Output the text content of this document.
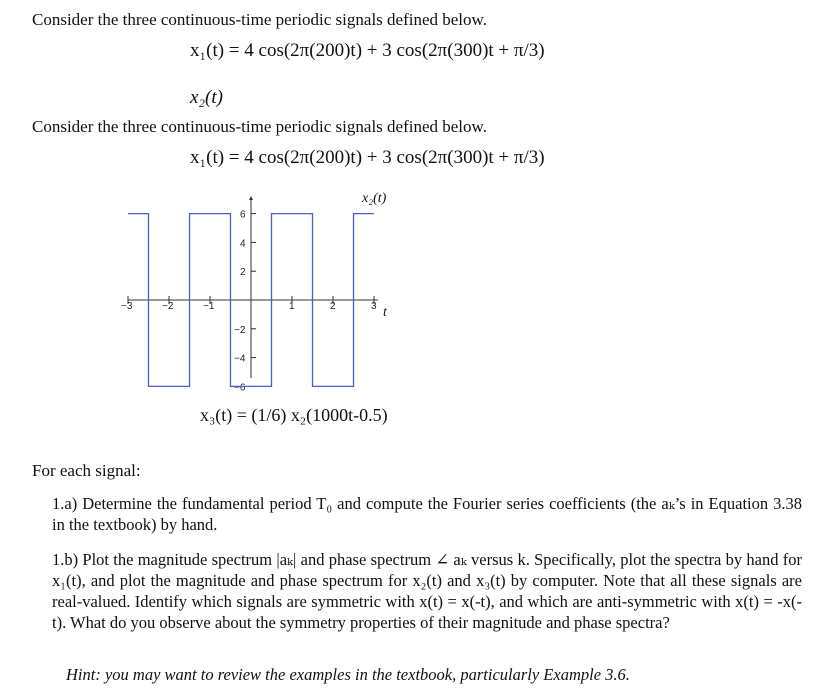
Consider the three continuous-time periodic signals defined below.
x₁(t) = 4 cos(2π(200)t) + 3 cos(2π(300)t + π/3)
x₂(t)
Consider the three continuous-time periodic signals defined below.
x₁(t) = 4 cos(2π(200)t) + 3 cos(2π(300)t + π/3)
x₂(t)
t
−3	−2	−1	1	2	3
6
4
2
−2
−4
−6
x₃(t) = (1/6) x₂(1000t-0.5)
For each signal:
1.a) Determine the fundamental period T₀ and compute the Fourier series coefficients (the aₖ’s in Equation 3.38 in the textbook) by hand.
1.b) Plot the magnitude spectrum |aₖ| and phase spectrum ∠ aₖ versus k. Specifically, plot the spectra by hand for x₁(t), and plot the magnitude and phase spectrum for x₂(t) and x₃(t) by computer. Note that all these signals are real-valued. Identify which signals are symmetric with x(t) = x(-t), and which are anti-symmetric with x(t) = -x(-t). What do you observe about the symmetry properties of their magnitude and phase spectra?
Hint: you may want to review the examples in the textbook, particularly Example 3.6.
